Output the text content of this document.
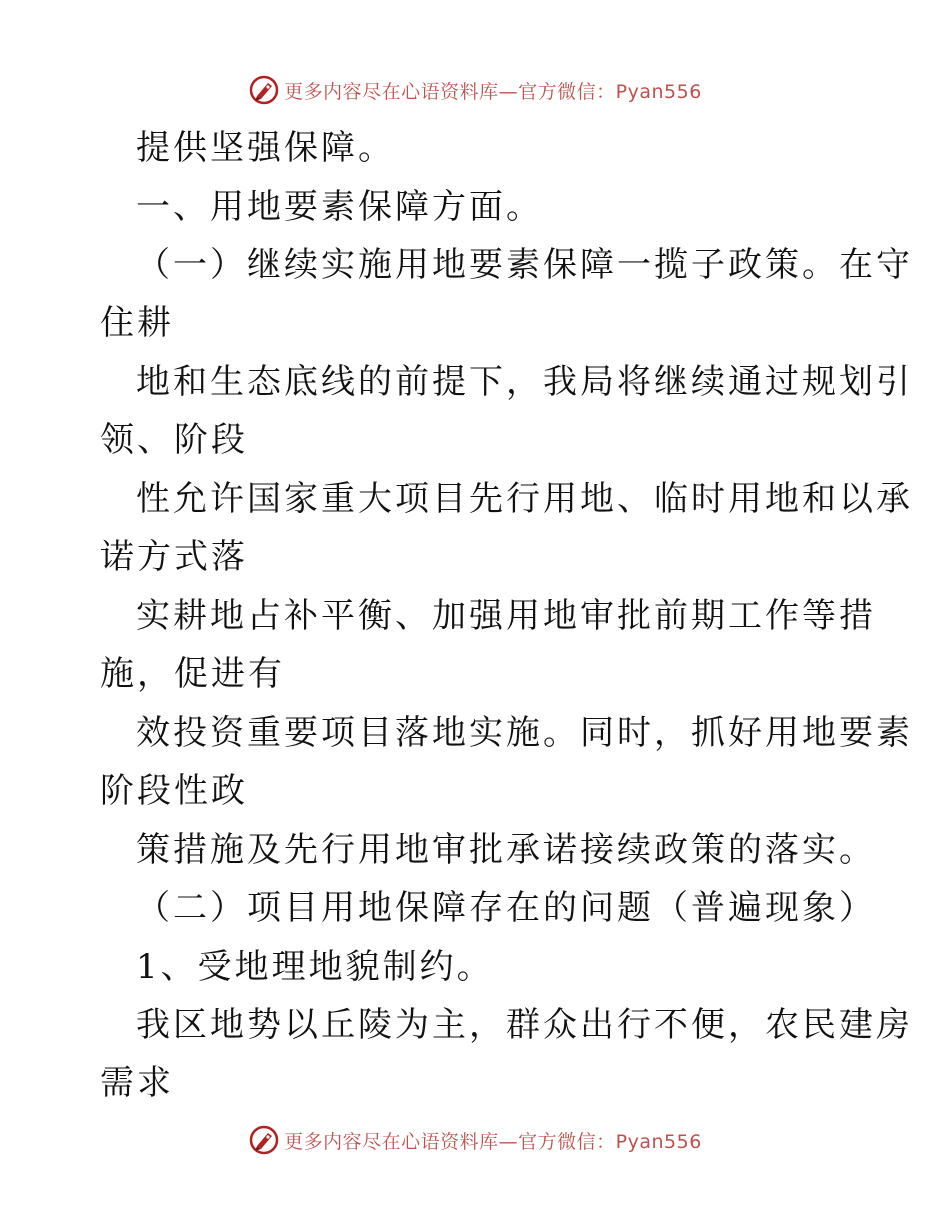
更多内容尽在心语资料库—官方微信：Pyan556
提供坚强保障。
一、用地要素保障方面。
（一）继续实施用地要素保障一揽子政策。在守
住耕
地和生态底线的前提下，我局将继续通过规划引
领、阶段
性允许国家重大项目先行用地、临时用地和以承
诺方式落
实耕地占补平衡、加强用地审批前期工作等措
施，促进有
效投资重要项目落地实施。同时，抓好用地要素
阶段性政
策措施及先行用地审批承诺接续政策的落实。
（二）项目用地保障存在的问题（普遍现象）
1、受地理地貌制约。
我区地势以丘陵为主，群众出行不便，农民建房
需求
更多内容尽在心语资料库—官方微信：Pyan556
